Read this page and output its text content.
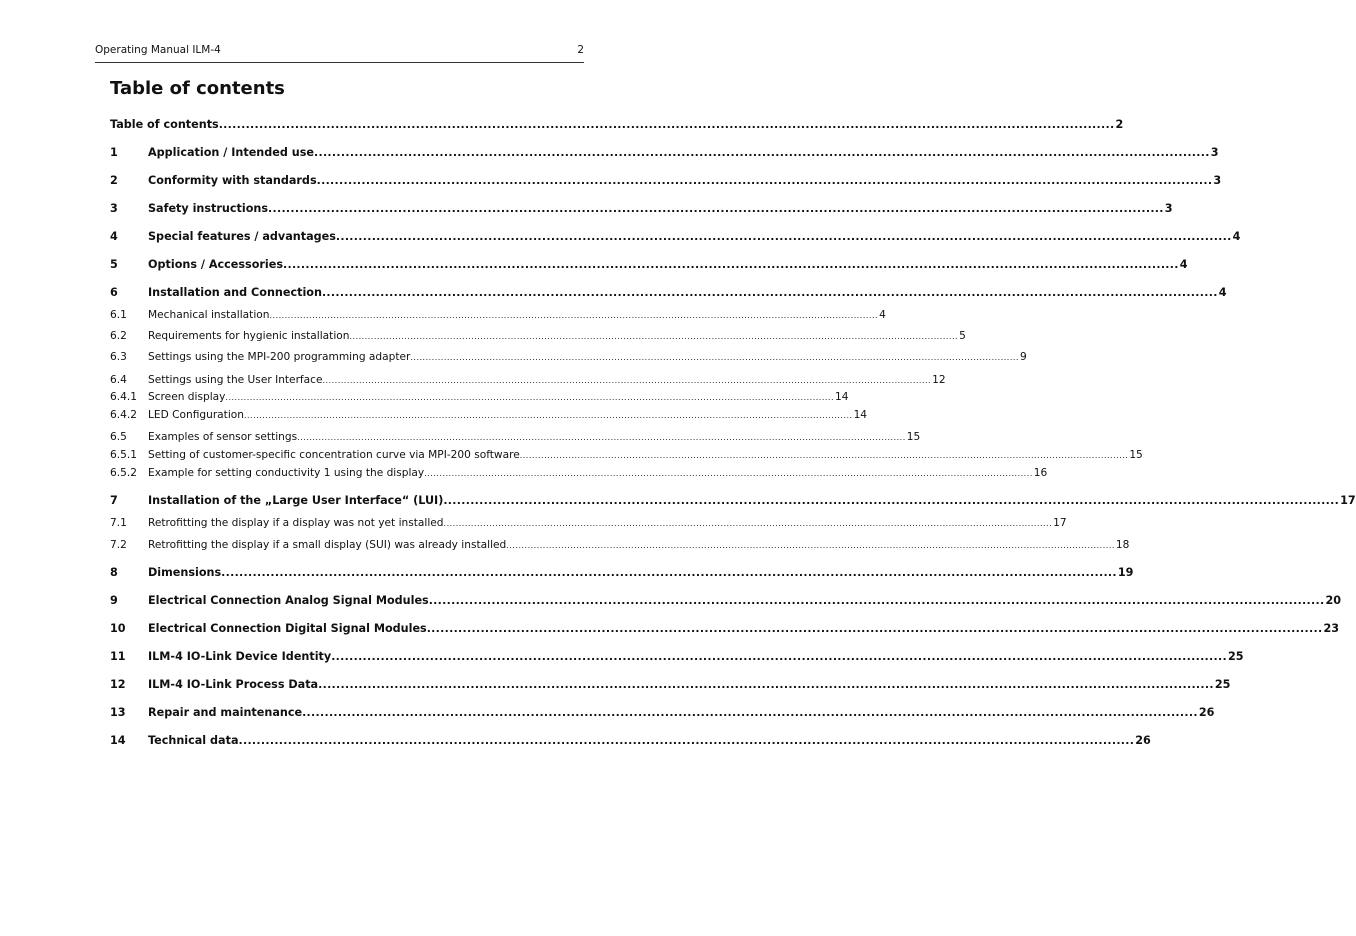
Operating Manual ILM-4	2
Table of contents
Table of contents ........................................................................................................................................................................................................ 2
1	Application / Intended use ........................................................................................................................................................................................................ 3
2	Conformity with standards ........................................................................................................................................................................................................ 3
3	Safety instructions ........................................................................................................................................................................................................ 3
4	Special features / advantages ........................................................................................................................................................................................................ 4
5	Options / Accessories ........................................................................................................................................................................................................ 4
6	Installation and Connection ........................................................................................................................................................................................................ 4
6.1	Mechanical installation ........................................................................................................................................................................................................ 4
6.2	Requirements for hygienic installation ........................................................................................................................................................................................................ 5
6.3	Settings using the MPI-200 programming adapter ........................................................................................................................................................................................................ 9
6.4	Settings using the User Interface ........................................................................................................................................................................................................ 12
6.4.1	Screen display ........................................................................................................................................................................................................ 14
6.4.2	LED Configuration ........................................................................................................................................................................................................ 14
6.5	Examples of sensor settings ........................................................................................................................................................................................................ 15
6.5.1	Setting of customer-specific concentration curve via MPI-200 software ........................................................................................................................................................................................................ 15
6.5.2	Example for setting conductivity 1 using the display ........................................................................................................................................................................................................ 16
7	Installation of the „Large User Interface“ (LUI) ........................................................................................................................................................................................................ 17
7.1	Retrofitting the display if a display was not yet installed ........................................................................................................................................................................................................ 17
7.2	Retrofitting the display if a small display (SUI) was already installed ........................................................................................................................................................................................................ 18
8	Dimensions ........................................................................................................................................................................................................ 19
9	Electrical Connection Analog Signal Modules ........................................................................................................................................................................................................ 20
10	Electrical Connection Digital Signal Modules ........................................................................................................................................................................................................ 23
11	ILM-4 IO-Link Device Identity ........................................................................................................................................................................................................ 25
12	ILM-4 IO-Link Process Data ........................................................................................................................................................................................................ 25
13	Repair and maintenance ........................................................................................................................................................................................................ 26
14	Technical data ........................................................................................................................................................................................................ 26
